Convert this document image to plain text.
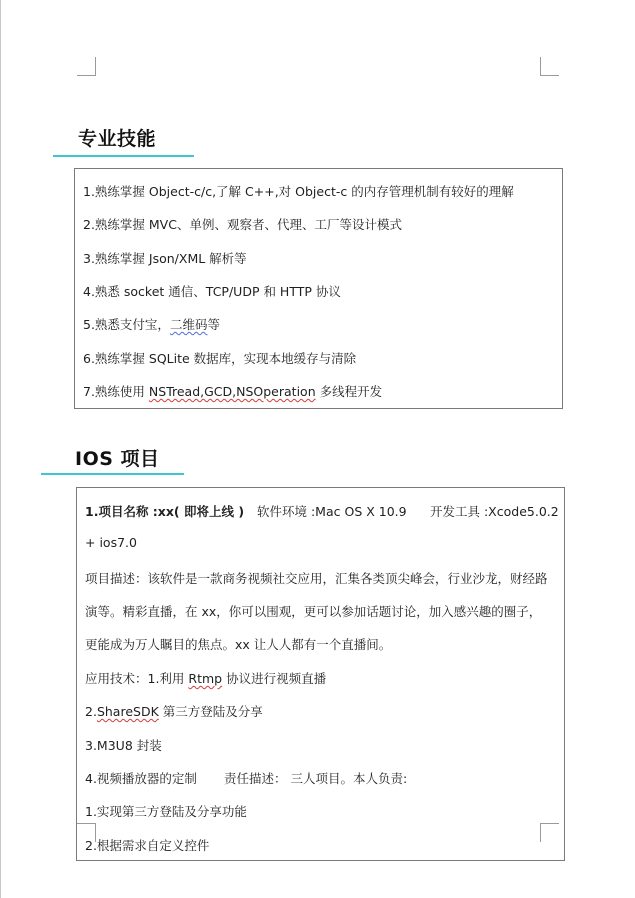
专业技能
1.熟练掌握 Object-c/c,了解 C++,对 Object-c 的内存管理机制有较好的理解
2.熟练掌握 MVC、单例、观察者、代理、工厂等设计模式
3.熟练掌握 Json/XML 解析等
4.熟悉 socket 通信、TCP/UDP 和 HTTP 协议
5.熟悉支付宝，二维码等
6.熟练掌握 SQLite 数据库，实现本地缓存与清除
7.熟练使用 NSTread,GCD,NSOperation 多线程开发
IOS 项目
1.项目名称 :xx( 即将上线 ) 软件环境 :Mac OS X 10.9 开发工具 :Xcode5.0.2
+ ios7.0
项目描述：该软件是一款商务视频社交应用，汇集各类顶尖峰会，行业沙龙，财经路
演等。精彩直播，在 xx，你可以围观，更可以参加话题讨论，加入感兴趣的圈子，
更能成为万人瞩目的焦点。xx 让人人都有一个直播间。
应用技术：1.利用 Rtmp 协议进行视频直播
2.ShareSDK 第三方登陆及分享
3.M3U8 封装
4.视频播放器的定制 责任描述： 三人项目。本人负责:
1.实现第三方登陆及分享功能
2.根据需求自定义控件
